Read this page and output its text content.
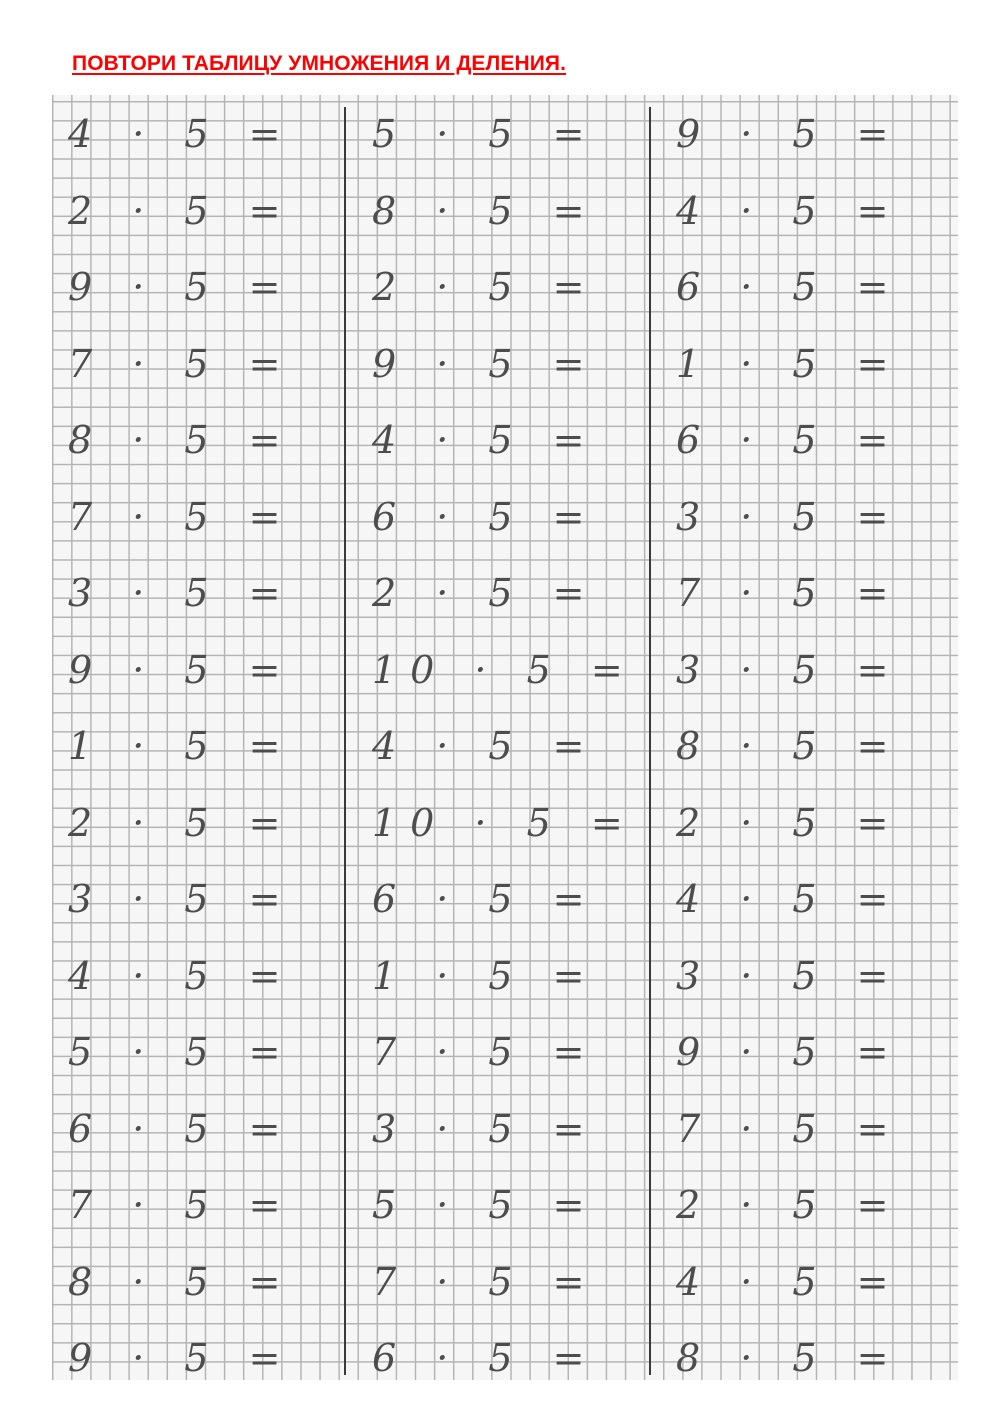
ПОВТОРИ ТАБЛИЦУ УМНОЖЕНИЯ И ДЕЛЕНИЯ.
4 · 5 =
2 · 5 =
9 · 5 =
7 · 5 =
8 · 5 =
7 · 5 =
3 · 5 =
9 · 5 =
1 · 5 =
2 · 5 =
3 · 5 =
4 · 5 =
5 · 5 =
6 · 5 =
7 · 5 =
8 · 5 =
9 · 5 =
5 · 5 =
8 · 5 =
2 · 5 =
9 · 5 =
4 · 5 =
6 · 5 =
2 · 5 =
10 · 5 =
4 · 5 =
10 · 5 =
6 · 5 =
1 · 5 =
7 · 5 =
3 · 5 =
5 · 5 =
7 · 5 =
6 · 5 =
9 · 5 =
4 · 5 =
6 · 5 =
1 · 5 =
6 · 5 =
3 · 5 =
7 · 5 =
3 · 5 =
8 · 5 =
2 · 5 =
4 · 5 =
3 · 5 =
9 · 5 =
7 · 5 =
2 · 5 =
4 · 5 =
8 · 5 =
